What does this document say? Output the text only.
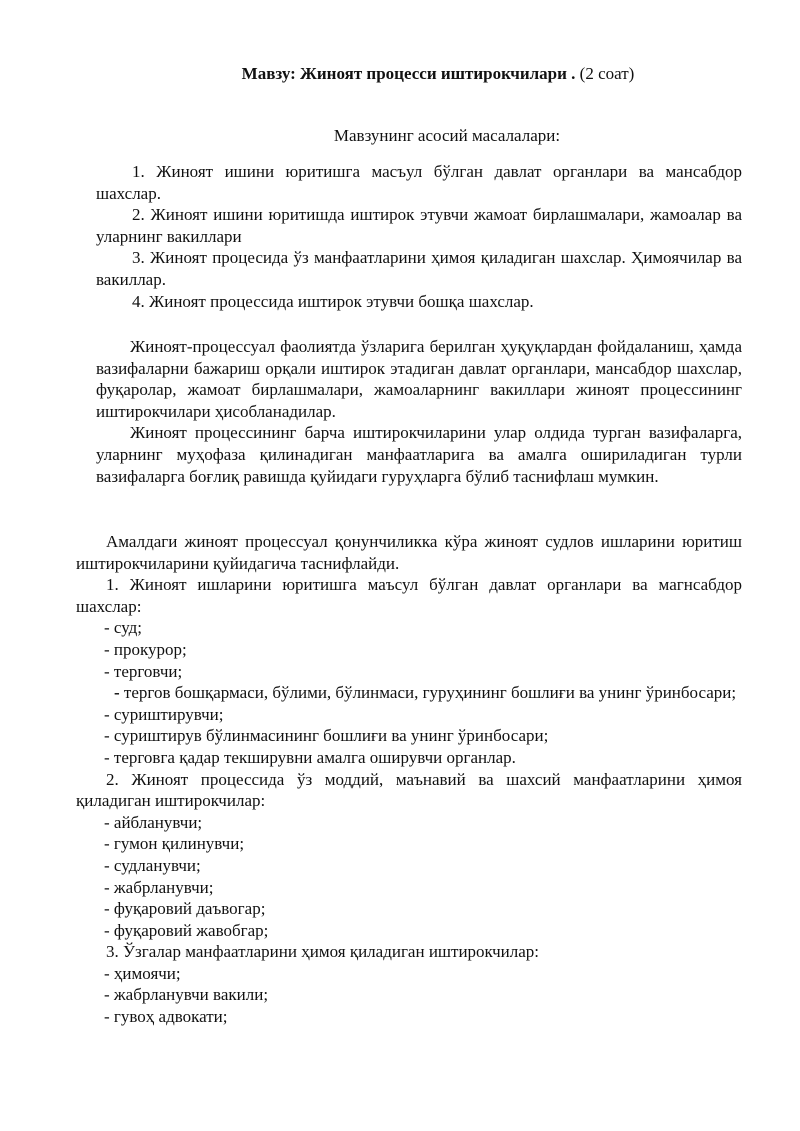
Мавзу: Жиноят процесси иштирокчилари . (2 соат)
Мавзунинг асосий масалалари:

1. Жиноят ишини юритишга масъул бўлган давлат органлари ва мансабдор шахслар.

2. Жиноят ишини юритишда иштирок этувчи жамоат бирлашмалари, жамоалар ва уларнинг вакиллари

3. Жиноят процесида ўз манфаатларини ҳимоя қиладиган шахслар. Ҳимоячилар ва вакиллар.

4. Жиноят процессида иштирок этувчи бошқа шахслар.

Жиноят-процессуал фаолиятда ўзларига берилган ҳуқуқлардан фойдаланиш, ҳамда вазифаларни бажариш орқали иштирок этадиган давлат органлари, мансабдор шахслар, фуқаролар, жамоат бирлашмалари, жамоаларнинг вакиллари жиноят процессининг иштирокчилари ҳисобланадилар.

Жиноят процессининг барча иштирокчиларини улар олдида турган вазифаларга, уларнинг муҳофаза қилинадиган манфаатларига ва амалга ошириладиган турли вазифаларга боғлиқ равишда қуйидаги гуруҳларга бўлиб таснифлаш мумкин.

Амалдаги жиноят процессуал қонунчиликка кўра жиноят судлов ишларини юритиш иштирокчиларини қуйидагича таснифлайди.

1. Жиноят ишларини юритишга маъсул бўлган давлат органлари ва магнсабдор шахслар:

- суд;

- прокурор;

- терговчи;

- тергов бошқармаси, бўлими, бўлинмаси, гуруҳининг бошлиғи ва унинг ўринбосари;

- суриштирувчи;

- суриштирув бўлинмасининг бошлиғи ва унинг ўринбосари;

- терговга қадар текширувни амалга оширувчи органлар.

2. Жиноят процессида ўз моддий, маънавий ва шахсий манфаатларини ҳимоя қиладиган иштирокчилар:

- айбланувчи;

- гумон қилинувчи;

- судланувчи;

- жабрланувчи;

- фуқаровий даъвогар;

- фуқаровий жавобгар;

3. Ўзгалар манфаатларини ҳимоя қиладиган иштирокчилар:

- ҳимоячи;

- жабрланувчи вакили;

- гувоҳ адвокати;
